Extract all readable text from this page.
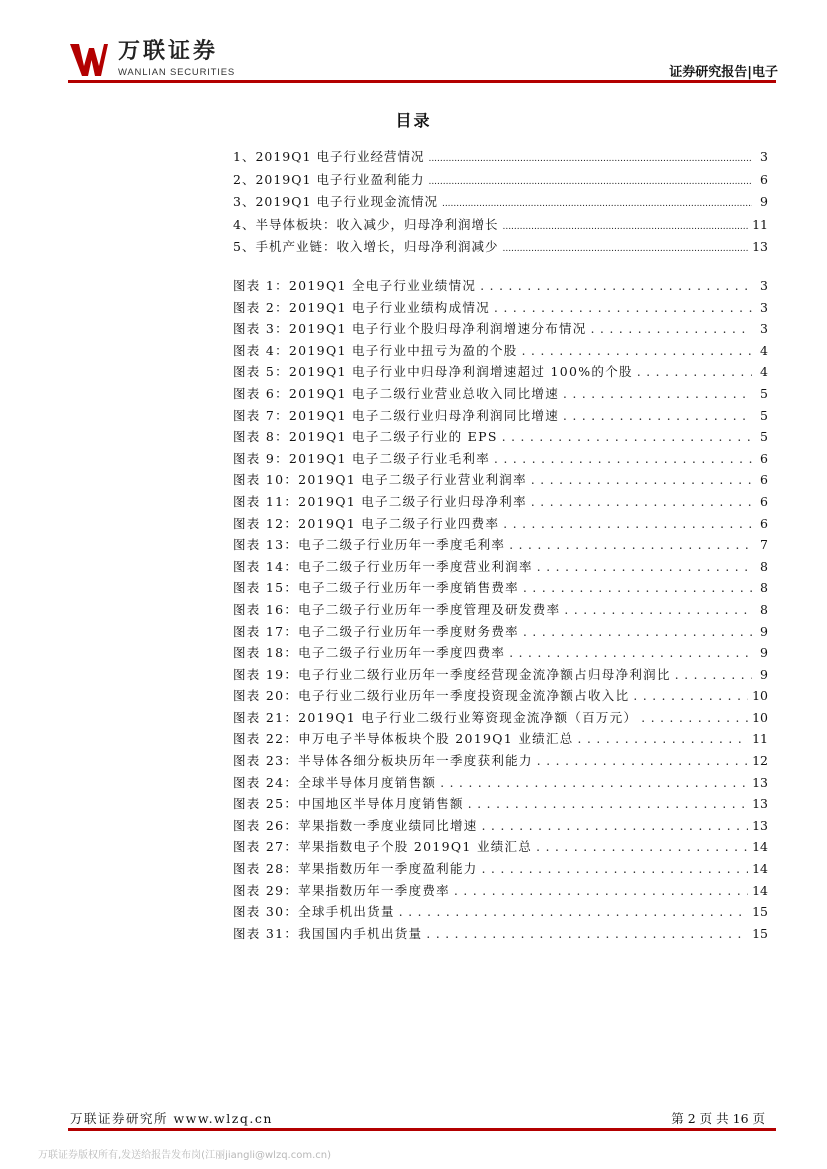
万联证券
WANLIAN SECURITIES	证券研究报告|电子
目录
1、2019Q1 电子行业经营情况 .....	3
2、2019Q1 电子行业盈利能力 .....	6
3、2019Q1 电子行业现金流情况 .....	9
4、半导体板块：收入减少，归母净利润增长 .....	11
5、手机产业链：收入增长，归母净利润减少 .....	13
图表 1：2019Q1 全电子行业业绩情况 . . .	3
图表 2：2019Q1 电子行业业绩构成情况 . . .	3
图表 3：2019Q1 电子行业个股归母净利润增速分布情况 . . .	3
图表 4：2019Q1 电子行业中扭亏为盈的个股 . . .	4
图表 5：2019Q1 电子行业中归母净利润增速超过 100%的个股 . . .	4
图表 6：2019Q1 电子二级行业营业总收入同比增速 . . .	5
图表 7：2019Q1 电子二级行业归母净利润同比增速 . . .	5
图表 8：2019Q1 电子二级子行业的 EPS . . .	5
图表 9：2019Q1 电子二级子行业毛利率 . . .	6
图表 10：2019Q1 电子二级子行业营业利润率 . . .	6
图表 11：2019Q1 电子二级子行业归母净利率 . . .	6
图表 12：2019Q1 电子二级子行业四费率 . . .	6
图表 13：电子二级子行业历年一季度毛利率 . . .	7
图表 14：电子二级子行业历年一季度营业利润率 . . .	8
图表 15：电子二级子行业历年一季度销售费率 . . .	8
图表 16：电子二级子行业历年一季度管理及研发费率 . . .	8
图表 17：电子二级子行业历年一季度财务费率 . . .	9
图表 18：电子二级子行业历年一季度四费率 . . .	9
图表 19：电子行业二级行业历年一季度经营现金流净额占归母净利润比 . . .	9
图表 20：电子行业二级行业历年一季度投资现金流净额占收入比 . . .	10
图表 21：2019Q1 电子行业二级行业筹资现金流净额（百万元） . . .	10
图表 22：申万电子半导体板块个股 2019Q1 业绩汇总 . . .	11
图表 23：半导体各细分板块历年一季度获利能力 . . .	12
图表 24：全球半导体月度销售额 . . .	13
图表 25：中国地区半导体月度销售额 . . .	13
图表 26：苹果指数一季度业绩同比增速 . . .	13
图表 27：苹果指数电子个股 2019Q1 业绩汇总 . . .	14
图表 28：苹果指数历年一季度盈利能力 . . .	14
图表 29：苹果指数历年一季度费率 . . .	14
图表 30：全球手机出货量 . . .	15
图表 31：我国国内手机出货量 . . .	15
万联证券研究所 www.wlzq.cn	第 2 页 共 16 页
万联证券版权所有,发送给报告发布岗(江丽jiangli@wlzq.com.cn)
